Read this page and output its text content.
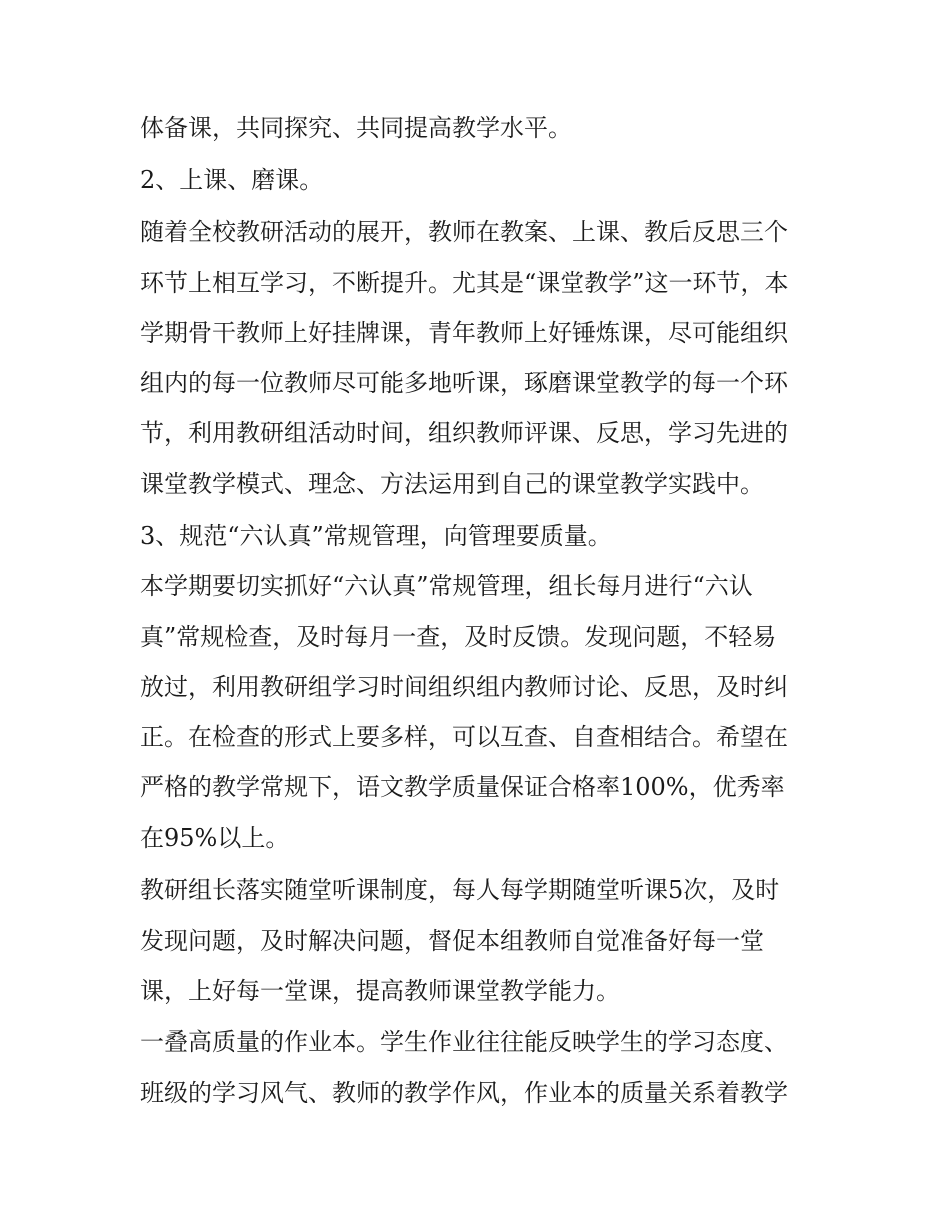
体备课，共同探究、共同提高教学水平。
2、上课、磨课。
随着全校教研活动的展开，教师在教案、上课、教后反思三个
环节上相互学习，不断提升。尤其是“课堂教学”这一环节，本
学期骨干教师上好挂牌课，青年教师上好锤炼课，尽可能组织
组内的每一位教师尽可能多地听课，琢磨课堂教学的每一个环
节，利用教研组活动时间，组织教师评课、反思，学习先进的
课堂教学模式、理念、方法运用到自己的课堂教学实践中。
3、规范“六认真”常规管理，向管理要质量。
本学期要切实抓好“六认真”常规管理，组长每月进行“六认
真”常规检查，及时每月一查，及时反馈。发现问题，不轻易
放过，利用教研组学习时间组织组内教师讨论、反思，及时纠
正。在检查的形式上要多样，可以互查、自查相结合。希望在
严格的教学常规下，语文教学质量保证合格率100%，优秀率
在95%以上。
教研组长落实随堂听课制度，每人每学期随堂听课5次，及时
发现问题，及时解决问题，督促本组教师自觉准备好每一堂
课，上好每一堂课，提高教师课堂教学能力。
一叠高质量的作业本。学生作业往往能反映学生的学习态度、
班级的学习风气、教师的教学作风，作业本的质量关系着教学
